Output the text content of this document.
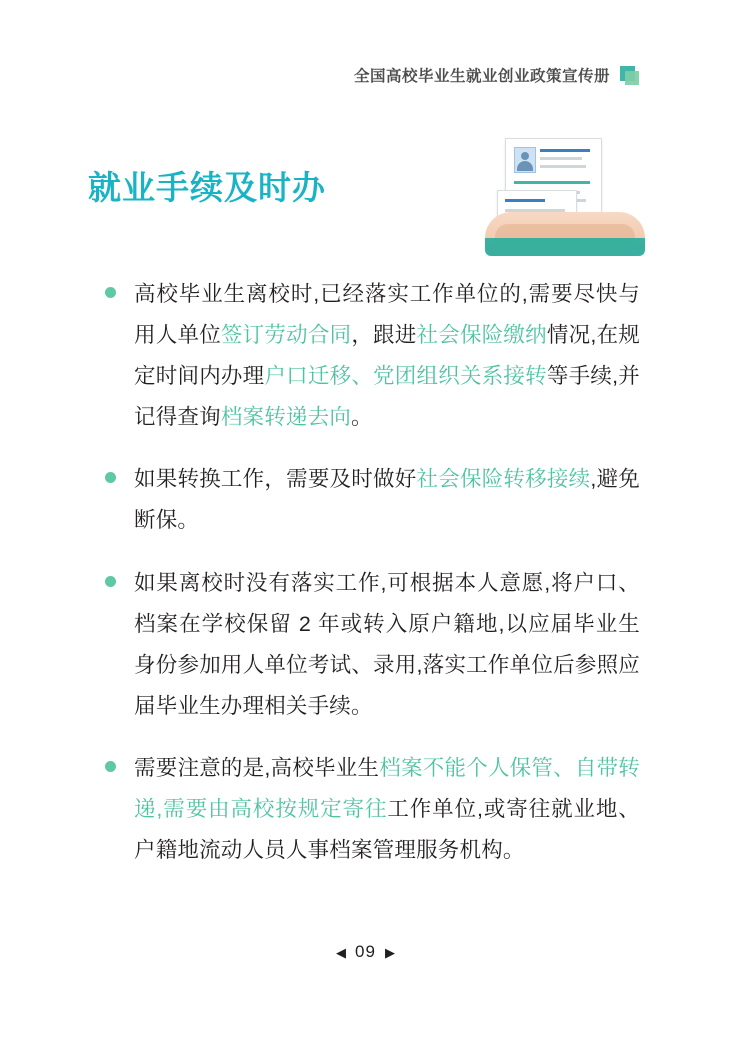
全国高校毕业生就业创业政策宣传册
就业手续及时办

高校毕业生离校时,已经落实工作单位的,需要尽快与用人单位签订劳动合同，跟进社会保险缴纳情况,在规定时间内办理户口迁移、党团组织关系接转等手续,并记得查询档案转递去向。

如果转换工作，需要及时做好社会保险转移接续,避免断保。

如果离校时没有落实工作,可根据本人意愿,将户口、档案在学校保留 2 年或转入原户籍地,以应届毕业生身份参加用人单位考试、录用,落实工作单位后参照应届毕业生办理相关手续。

需要注意的是,高校毕业生档案不能个人保管、自带转递,需要由高校按规定寄往工作单位,或寄往就业地、户籍地流动人员人事档案管理服务机构。

◀ 09 ▶
